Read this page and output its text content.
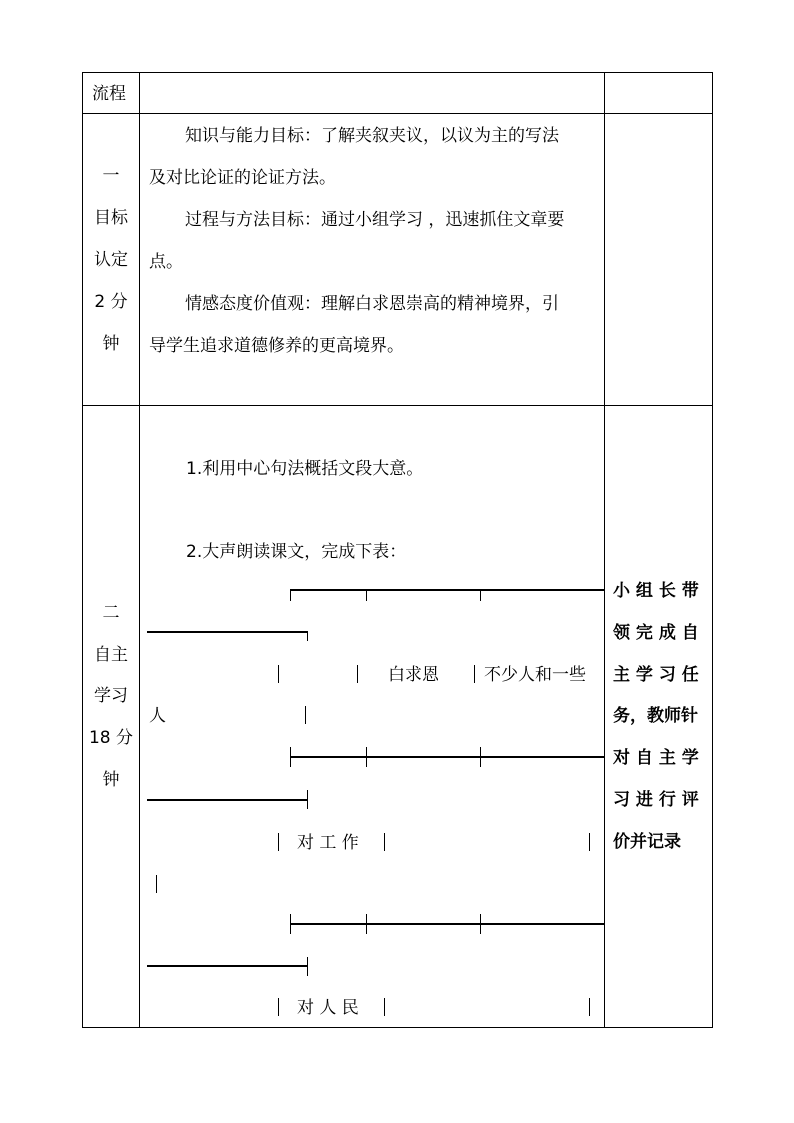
流程
一
目标
认定
2 分
钟
知识与能力目标：了解夹叙夹议，以议为主的写法
及对比论证的论证方法。
过程与方法目标：通过小组学习 ，迅速抓住文章要
点。
情感态度价值观：理解白求恩崇高的精神境界，引
导学生追求道德修养的更高境界。
二
自主
学习
18 分
钟
1.利用中心句法概括文段大意。
2.大声朗读课文，完成下表：
白求恩	不少人和一些
人
对 工 作
对 人 民
小 组 长 带
领 完 成 自
主 学 习 任
务，教师针
对 自 主 学
习 进 行 评
价并记录
